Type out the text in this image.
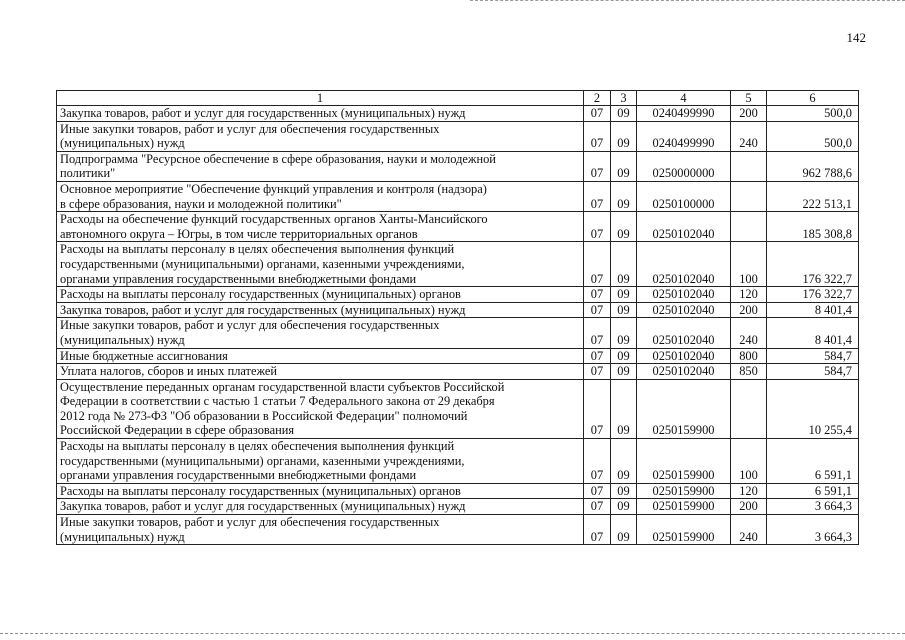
142
1	2	3	4	5	6

Закупка товаров, работ и услуг для государственных (муниципальных) нужд	07	09	0240499990	200	500,0

Иные закупки товаров, работ и услуг для обеспечения государственных
(муниципальных) нужд	07	09	0240499990	240	500,0

Подпрограмма "Ресурсное обеспечение в сфере образования, науки и молодежной
политики"	07	09	0250000000		962 788,6

Основное мероприятие "Обеспечение функций управления и контроля (надзора)
в сфере образования, науки и молодежной политики"	07	09	0250100000		222 513,1

Расходы на обеспечение функций государственных органов Ханты-Мансийского
автономного округа – Югры, в том числе территориальных органов	07	09	0250102040		185 308,8

Расходы на выплаты персоналу в целях обеспечения выполнения функций
государственными (муниципальными) органами, казенными учреждениями,
органами управления государственными внебюджетными фондами	07	09	0250102040	100	176 322,7

Расходы на выплаты персоналу государственных (муниципальных) органов	07	09	0250102040	120	176 322,7

Закупка товаров, работ и услуг для государственных (муниципальных) нужд	07	09	0250102040	200	8 401,4

Иные закупки товаров, работ и услуг для обеспечения государственных
(муниципальных) нужд	07	09	0250102040	240	8 401,4

Иные бюджетные ассигнования	07	09	0250102040	800	584,7

Уплата налогов, сборов и иных платежей	07	09	0250102040	850	584,7

Осуществление переданных органам государственной власти субъектов Российской
Федерации в соответствии с частью 1 статьи 7 Федерального закона от 29 декабря
2012 года № 273-ФЗ "Об образовании в Российской Федерации" полномочий
Российской Федерации в сфере образования	07	09	0250159900		10 255,4

Расходы на выплаты персоналу в целях обеспечения выполнения функций
государственными (муниципальными) органами, казенными учреждениями,
органами управления государственными внебюджетными фондами	07	09	0250159900	100	6 591,1

Расходы на выплаты персоналу государственных (муниципальных) органов	07	09	0250159900	120	6 591,1

Закупка товаров, работ и услуг для государственных (муниципальных) нужд	07	09	0250159900	200	3 664,3

Иные закупки товаров, работ и услуг для обеспечения государственных
(муниципальных) нужд	07	09	0250159900	240	3 664,3
